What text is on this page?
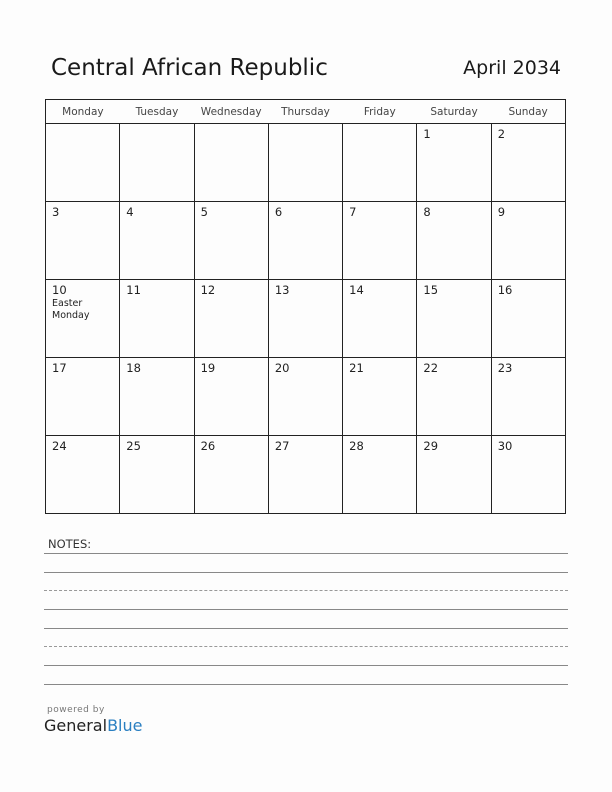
Central African Republic	April 2034
Monday	Tuesday	Wednesday	Thursday	Friday	Saturday	Sunday

					1	2

3	4	5	6	7	8	9

10
Easter Monday	11	12	13	14	15	16

17	18	19	20	21	22	23

24	25	26	27	28	29	30
NOTES:
powered by
GeneralBlue
